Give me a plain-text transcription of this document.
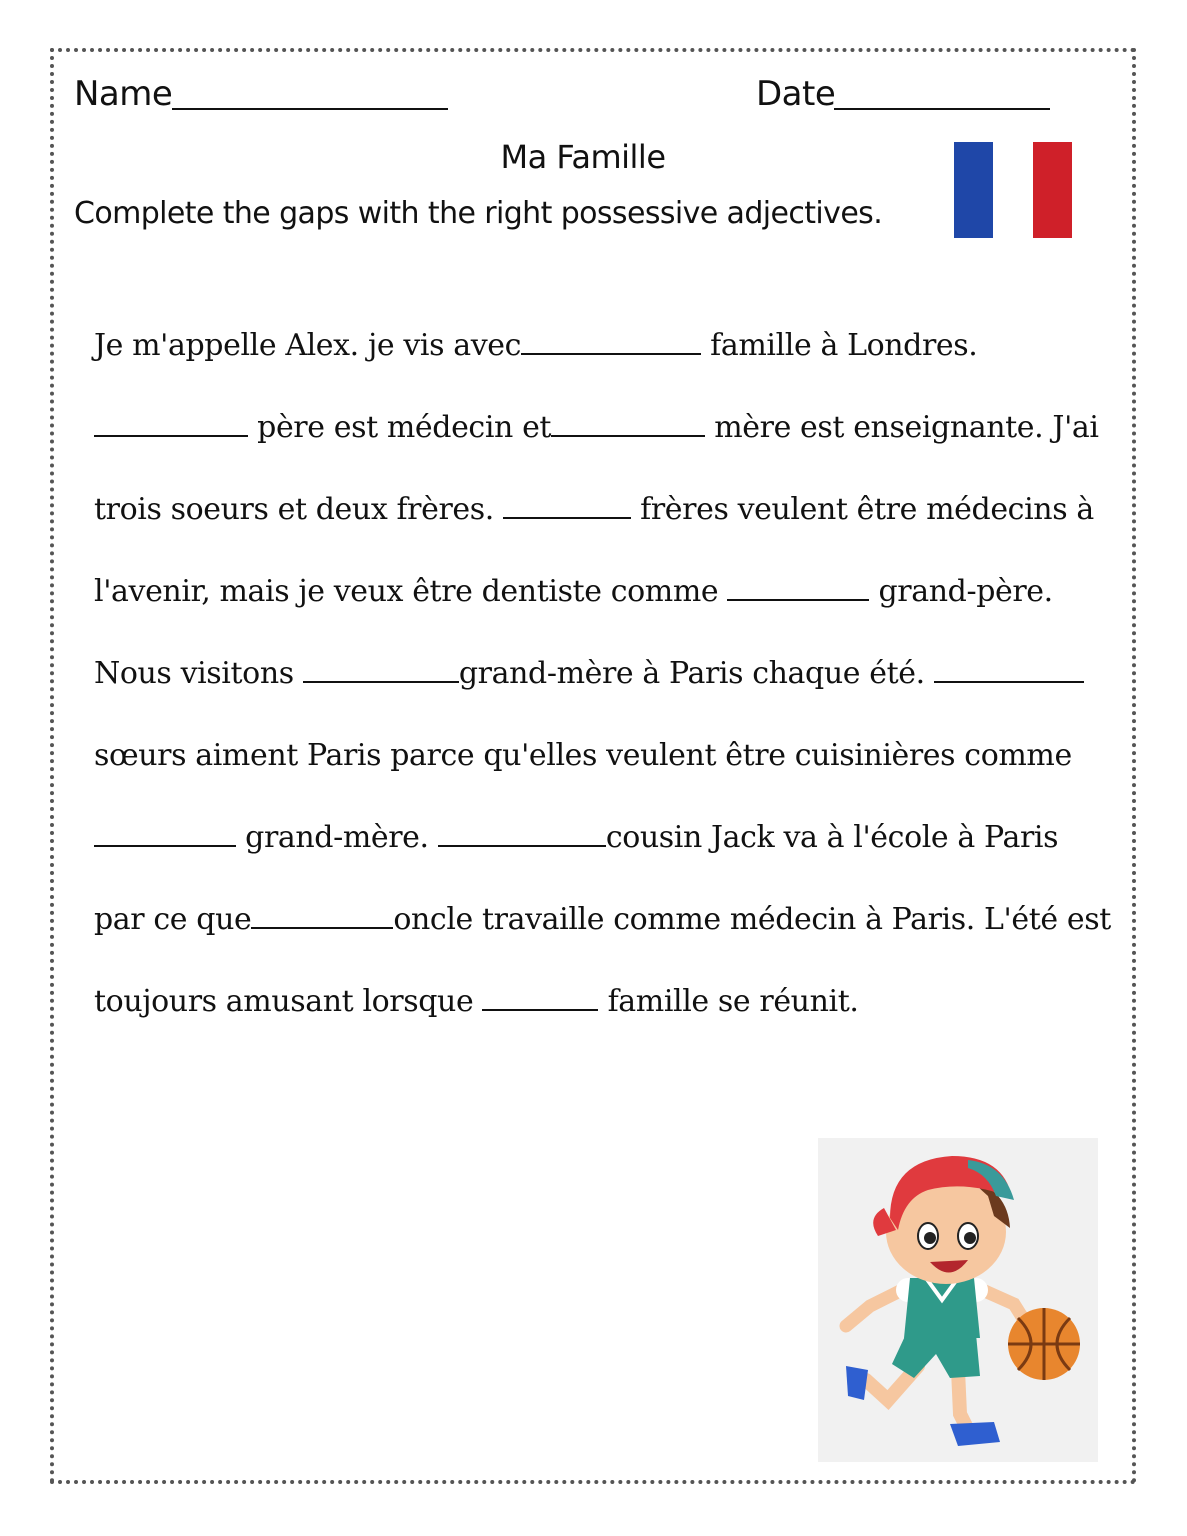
Name	Date
Ma Famille
Complete the gaps with the right possessive adjectives.
Je m'appelle Alex. je vis avec	famille à Londres.
père est médecin et	mère est enseignante. J'ai
trois soeurs et deux frères.	frères veulent être médecins à
l'avenir, mais je veux être dentiste comme	grand-père.
Nous visitons	grand-mère à Paris chaque été.
sœurs aiment Paris parce qu'elles veulent être cuisinières comme
grand-mère.	cousin Jack va à l'école à Paris
par ce que	oncle travaille comme médecin à Paris. L'été est
toujours amusant lorsque	famille se réunit.
